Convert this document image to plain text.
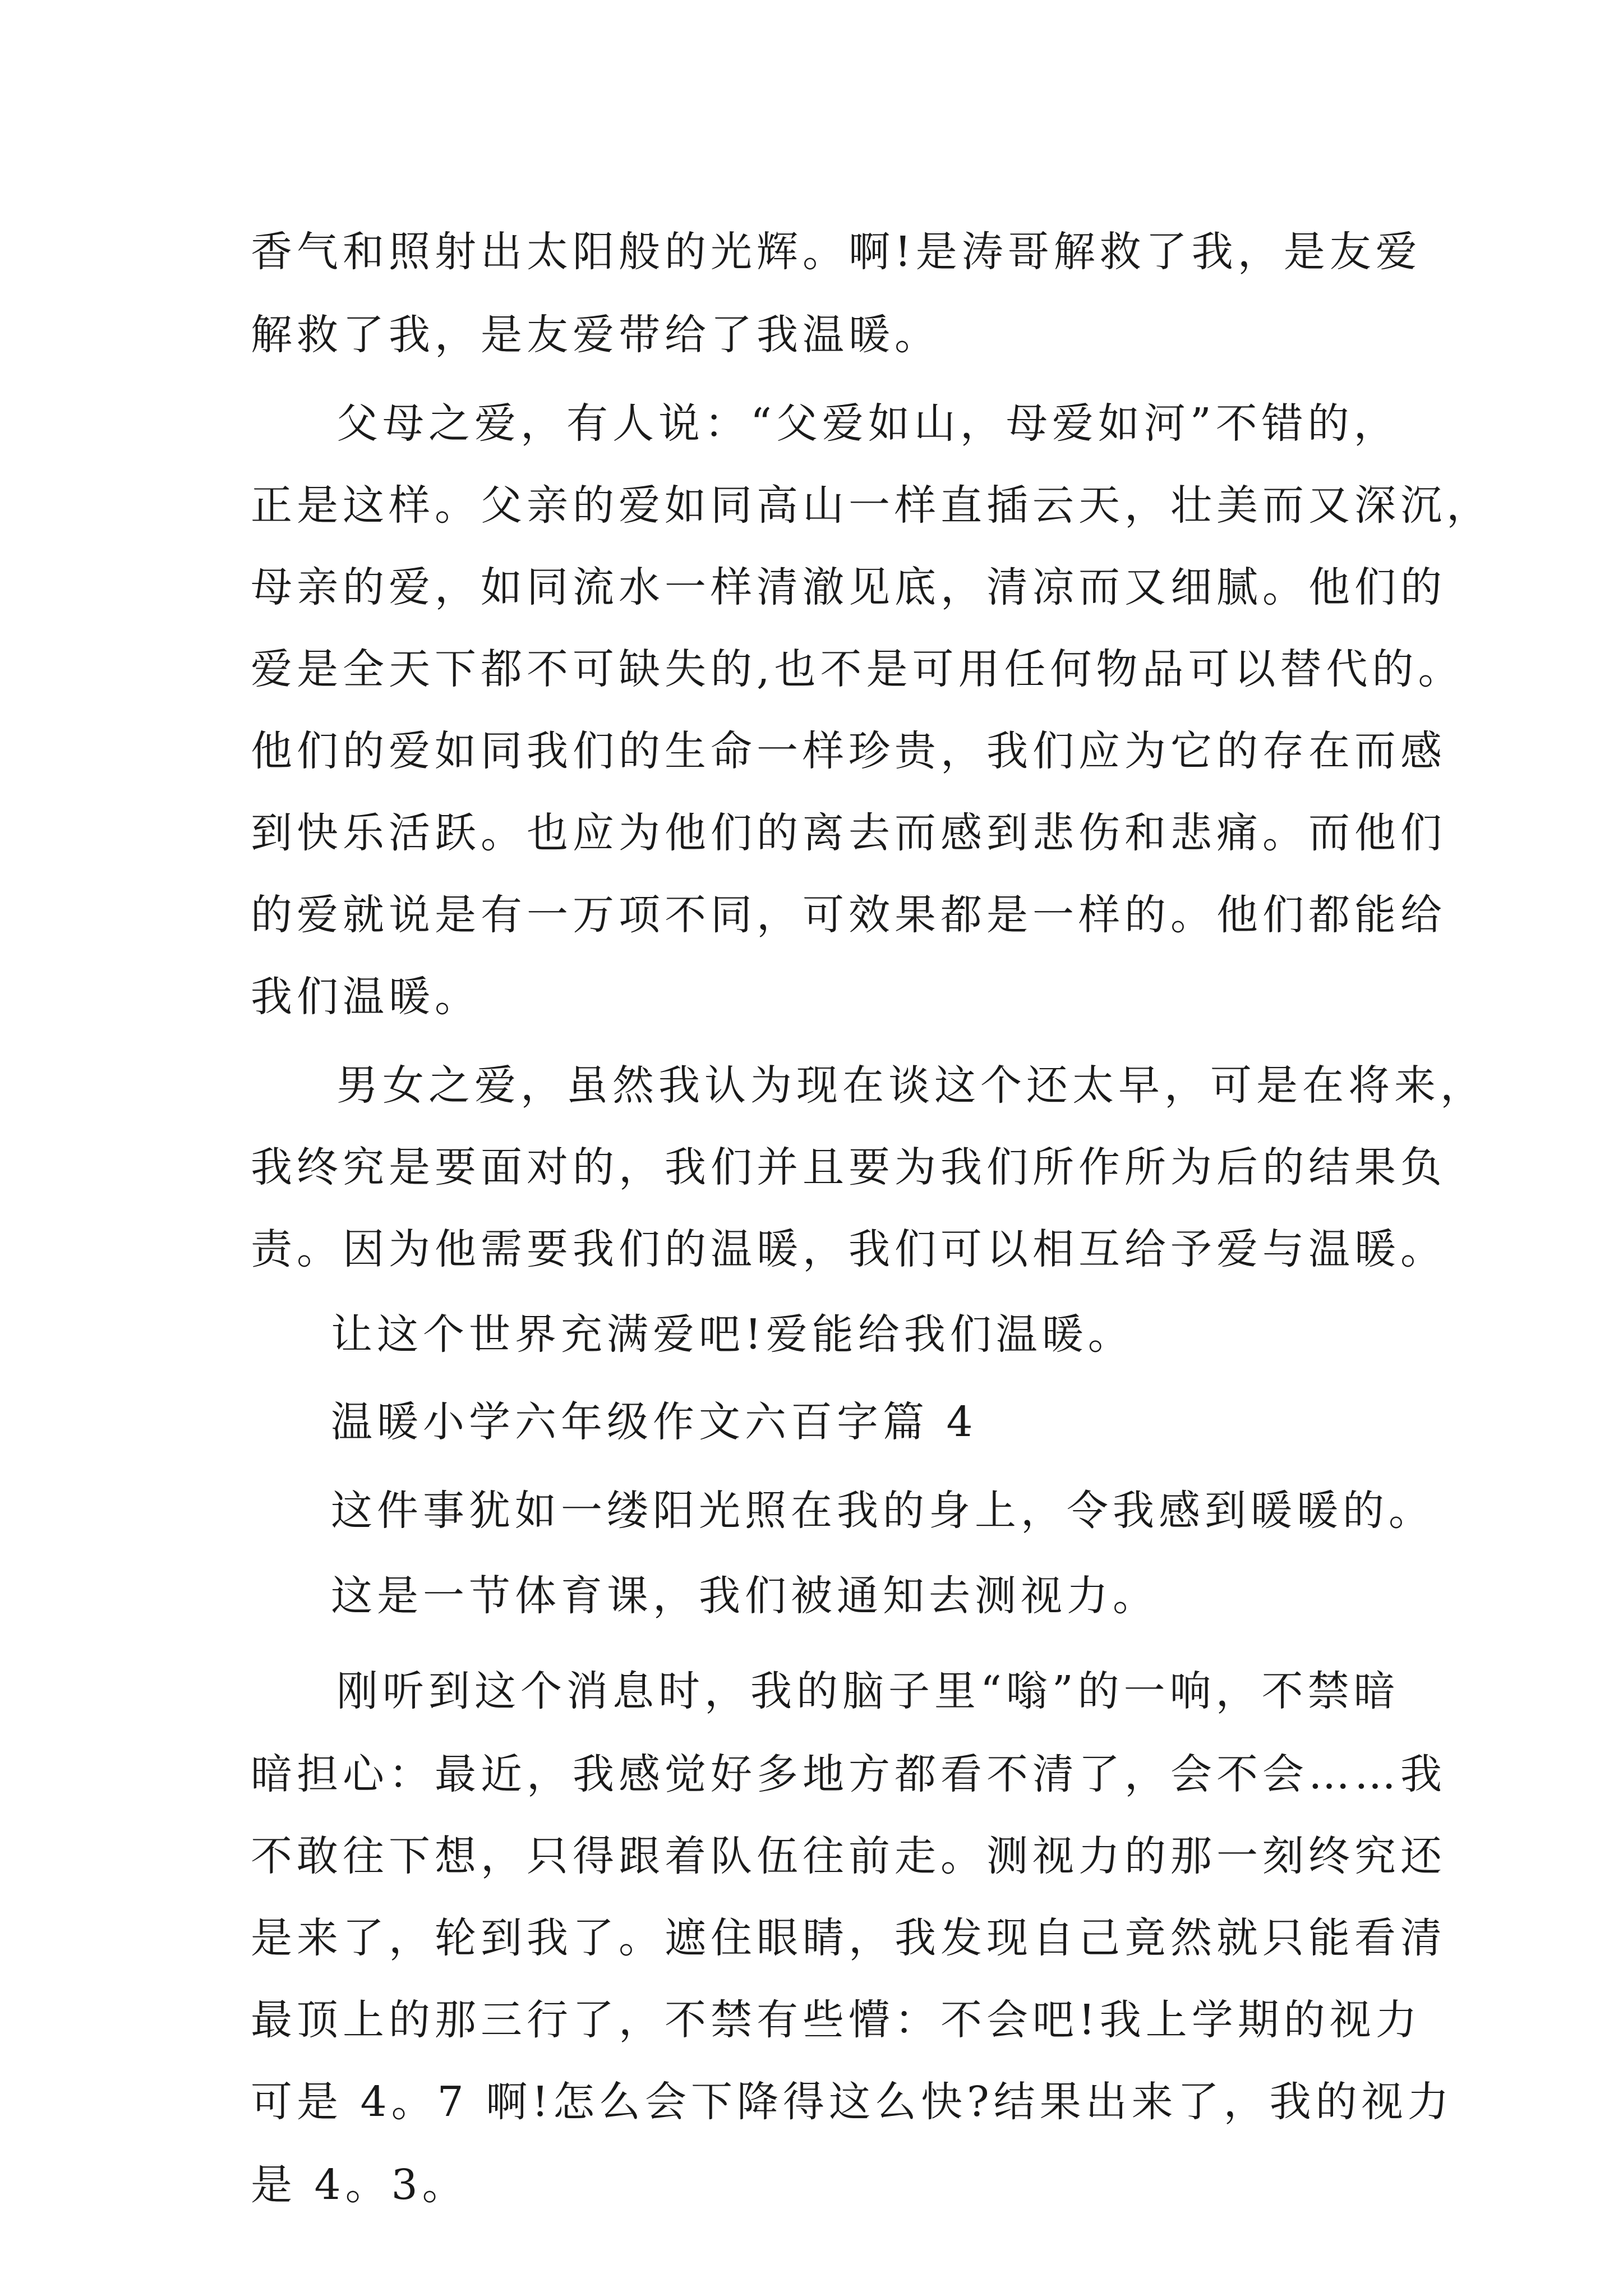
香气和照射出太阳般的光辉。啊!是涛哥解救了我，是友爱
解救了我，是友爱带给了我温暖。
父母之爱，有人说：“父爱如山，母爱如河”不错的，
正是这样。父亲的爱如同高山一样直插云天，壮美而又深沉，
母亲的爱，如同流水一样清澈见底，清凉而又细腻。他们的
爱是全天下都不可缺失的,也不是可用任何物品可以替代的。
他们的爱如同我们的生命一样珍贵，我们应为它的存在而感
到快乐活跃。也应为他们的离去而感到悲伤和悲痛。而他们
的爱就说是有一万项不同，可效果都是一样的。他们都能给
我们温暖。
男女之爱，虽然我认为现在谈这个还太早，可是在将来，
我终究是要面对的，我们并且要为我们所作所为后的结果负
责。因为他需要我们的温暖，我们可以相互给予爱与温暖。
让这个世界充满爱吧!爱能给我们温暖。
温暖小学六年级作文六百字篇 4
这件事犹如一缕阳光照在我的身上，令我感到暖暖的。
这是一节体育课，我们被通知去测视力。
刚听到这个消息时，我的脑子里“嗡”的一响，不禁暗
暗担心：最近，我感觉好多地方都看不清了，会不会……我
不敢往下想，只得跟着队伍往前走。测视力的那一刻终究还
是来了，轮到我了。遮住眼睛，我发现自己竟然就只能看清
最顶上的那三行了，不禁有些懵：不会吧!我上学期的视力
可是 4。7 啊!怎么会下降得这么快?结果出来了，我的视力
是 4。3。
